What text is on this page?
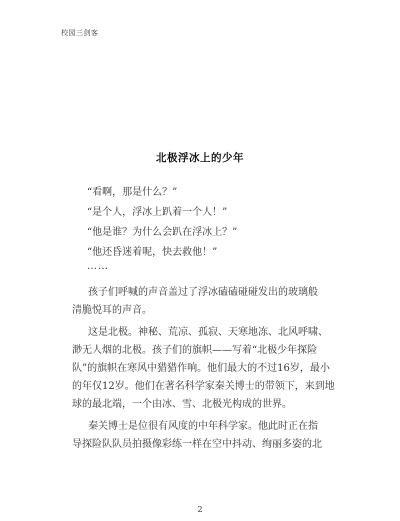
校园三剑客
北极浮冰上的少年
“看啊，那是什么？”
“是个人，浮冰上趴着一个人！”
“他是谁？为什么会趴在浮冰上？”
“他还昏迷着呢，快去救他！”
……

孩子们呼喊的声音盖过了浮冰磕磕碰碰发出的玻璃般
清脆悦耳的声音。

这是北极。神秘、荒凉、孤寂、天寒地冻、北风呼啸、
渺无人烟的北极。孩子们的旗帜——写着“北极少年探险
队”的旗帜在寒风中猎猎作响。他们最大的不过16岁，最小
的年仅12岁。他们在著名科学家秦关博士的带领下，来到地
球的最北端，一个由冰、雪、北极光构成的世界。

秦关博士是位很有风度的中年科学家。他此时正在指
导探险队队员拍摄像彩练一样在空中抖动、绚丽多姿的北

2
